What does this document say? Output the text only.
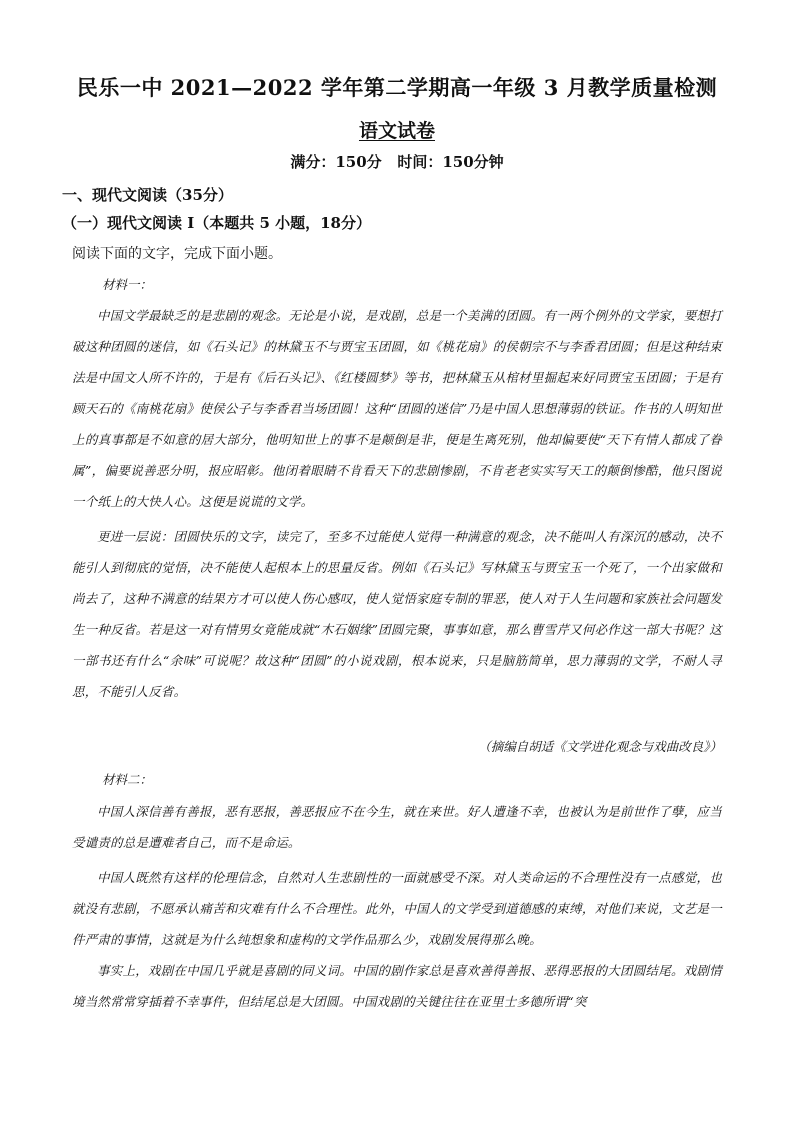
民乐一中 2021—2022 学年第二学期高一年级 3 月教学质量检测
语文试卷
满分：150分   时间：150分钟
一、现代文阅读（35分）
（一）现代文阅读 I（本题共 5 小题，18分）
阅读下面的文字，完成下面小题。
材料一：

中国文学最缺乏的是悲剧的观念。无论是小说，是戏剧，总是一个美满的团圆。有一两个例外的文学家，要想打破这种团圆的迷信，如《石头记》的林黛玉不与贾宝玉团圆，如《桃花扇》的侯朝宗不与李香君团圆；但是这种结束法是中国文人所不许的，于是有《后石头记》、《红楼圆梦》等书，把林黛玉从棺材里掘起来好同贾宝玉团圆；于是有顾天石的《南桃花扇》使侯公子与李香君当场团圆！这种“团圆的迷信”乃是中国人思想薄弱的铁证。作书的人明知世上的真事都是不如意的居大部分，他明知世上的事不是颠倒是非，便是生离死别，他却偏要使“天下有情人都成了眷属”，偏要说善恶分明，报应昭彰。他闭着眼睛不肯看天下的悲剧惨剧，不肯老老实实写天工的颠倒惨酷，他只图说一个纸上的大快人心。这便是说谎的文学。

更进一层说：团圆快乐的文字，读完了，至多不过能使人觉得一种满意的观念，决不能叫人有深沉的感动，决不能引人到彻底的觉悟，决不能使人起根本上的思量反省。例如《石头记》写林黛玉与贾宝玉一个死了，一个出家做和尚去了，这种不满意的结果方才可以使人伤心感叹，使人觉悟家庭专制的罪恶，使人对于人生问题和家族社会问题发生一种反省。若是这一对有情男女竟能成就“木石姻缘”团圆完聚，事事如意，那么曹雪芹又何必作这一部大书呢？这一部书还有什么“余味”可说呢？故这种“团圆”的小说戏剧，根本说来，只是脑筋简单，思力薄弱的文学，不耐人寻思，不能引人反省。

（摘编自胡适《文学进化观念与戏曲改良》）
材料二：

中国人深信善有善报，恶有恶报，善恶报应不在今生，就在来世。好人遭逢不幸，也被认为是前世作了孽，应当受谴责的总是遭难者自己，而不是命运。

中国人既然有这样的伦理信念，自然对人生悲剧性的一面就感受不深。对人类命运的不合理性没有一点感觉，也就没有悲剧，不愿承认痛苦和灾难有什么不合理性。此外，中国人的文学受到道德感的束缚，对他们来说，文艺是一件严肃的事情，这就是为什么纯想象和虚构的文学作品那么少，戏剧发展得那么晚。

事实上，戏剧在中国几乎就是喜剧的同义词。中国的剧作家总是喜欢善得善报、恶得恶报的大团圆结尾。戏剧情境当然常常穿插着不幸事件，但结尾总是大团圆。中国戏剧的关键往往在亚里士多德所谓“突
